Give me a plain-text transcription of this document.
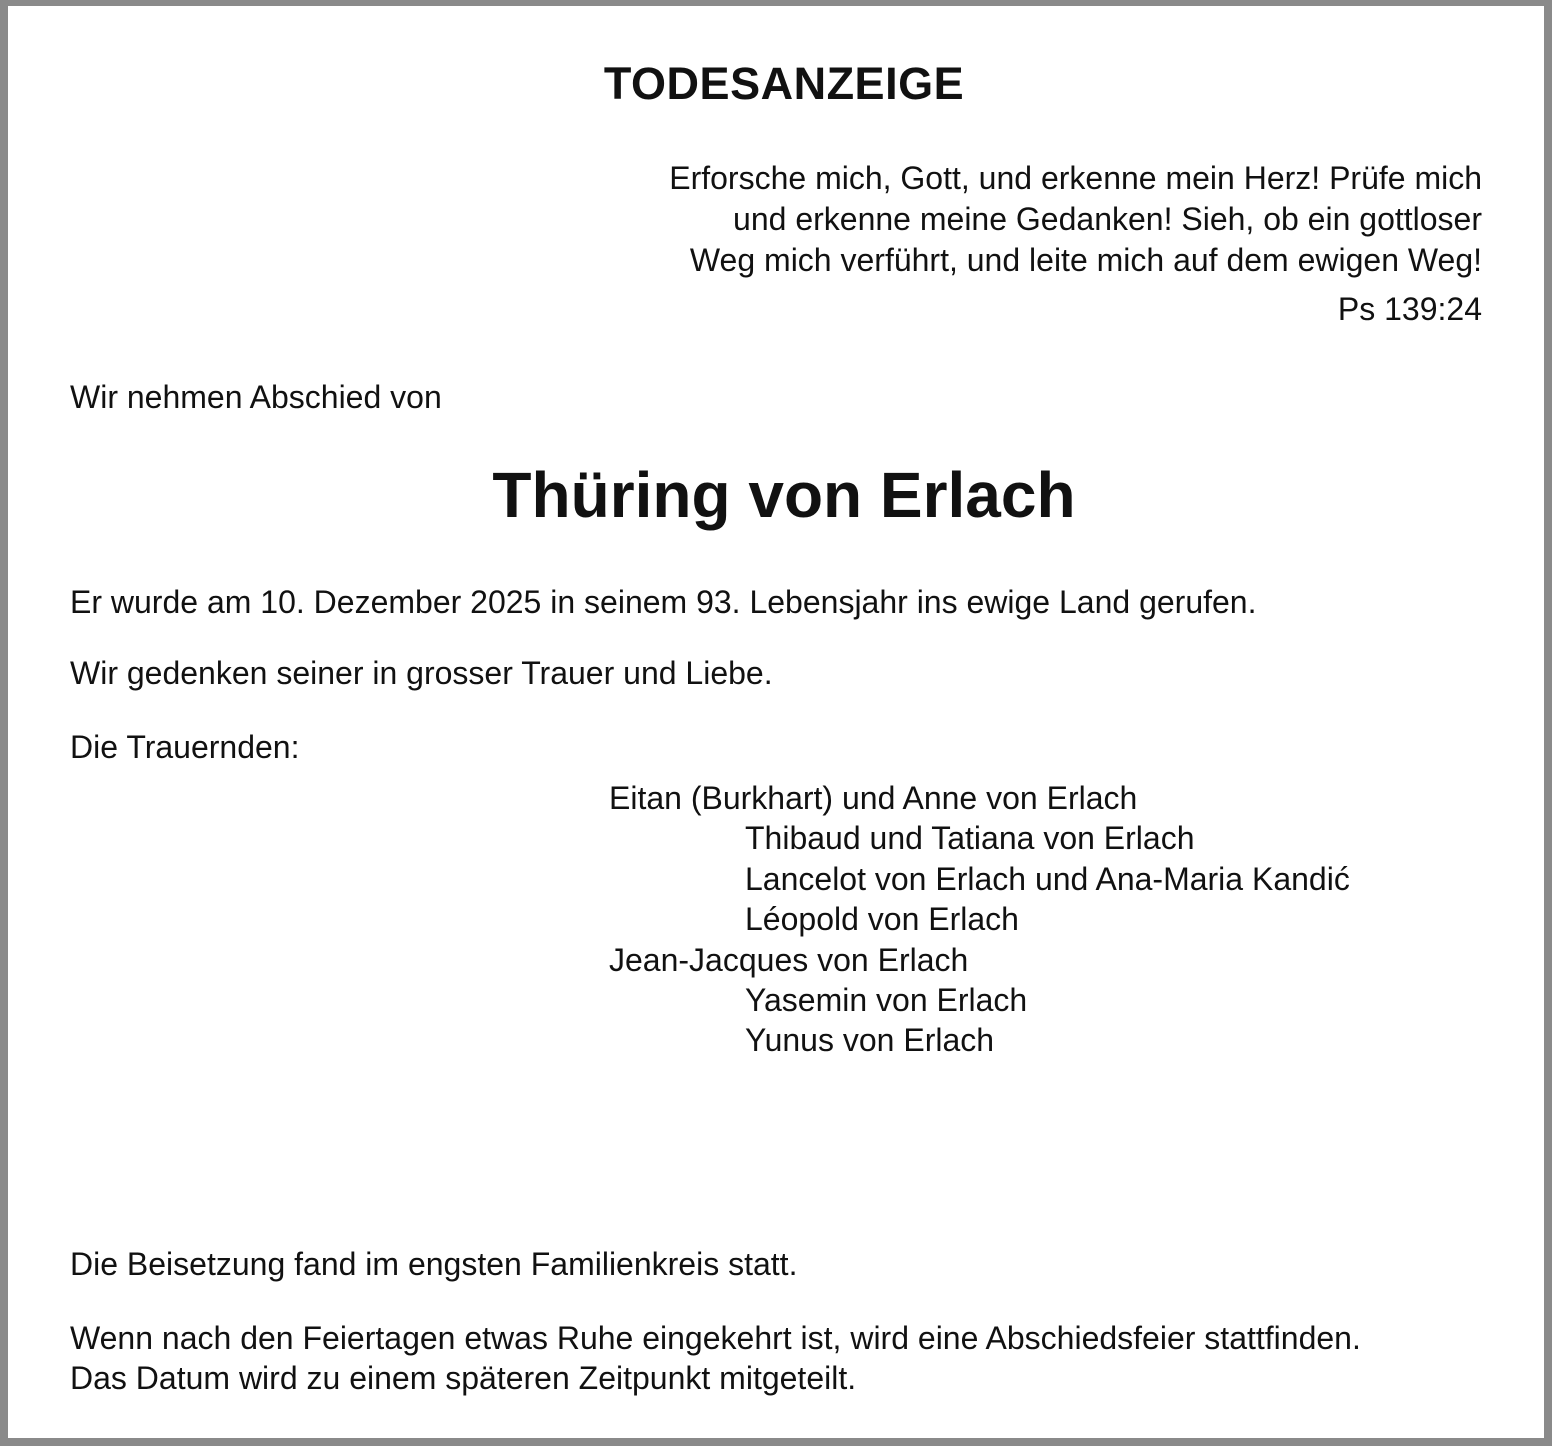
TODESANZEIGE
Erforsche mich, Gott, und erkenne mein Herz! Prüfe mich
und erkenne meine Gedanken! Sieh, ob ein gottloser
Weg mich verführt, und leite mich auf dem ewigen Weg!
Ps 139:24
Wir nehmen Abschied von
Thüring von Erlach
Er wurde am 10. Dezember 2025 in seinem 93. Lebensjahr ins ewige Land gerufen.
Wir gedenken seiner in grosser Trauer und Liebe.
Die Trauernden:
Eitan (Burkhart) und Anne von Erlach
Thibaud und Tatiana von Erlach
Lancelot von Erlach und Ana-Maria Kandić
Léopold von Erlach
Jean-Jacques von Erlach
Yasemin von Erlach
Yunus von Erlach
Die Beisetzung fand im engsten Familienkreis statt.
Wenn nach den Feiertagen etwas Ruhe eingekehrt ist, wird eine Abschiedsfeier stattfinden.
Das Datum wird zu einem späteren Zeitpunkt mitgeteilt.
